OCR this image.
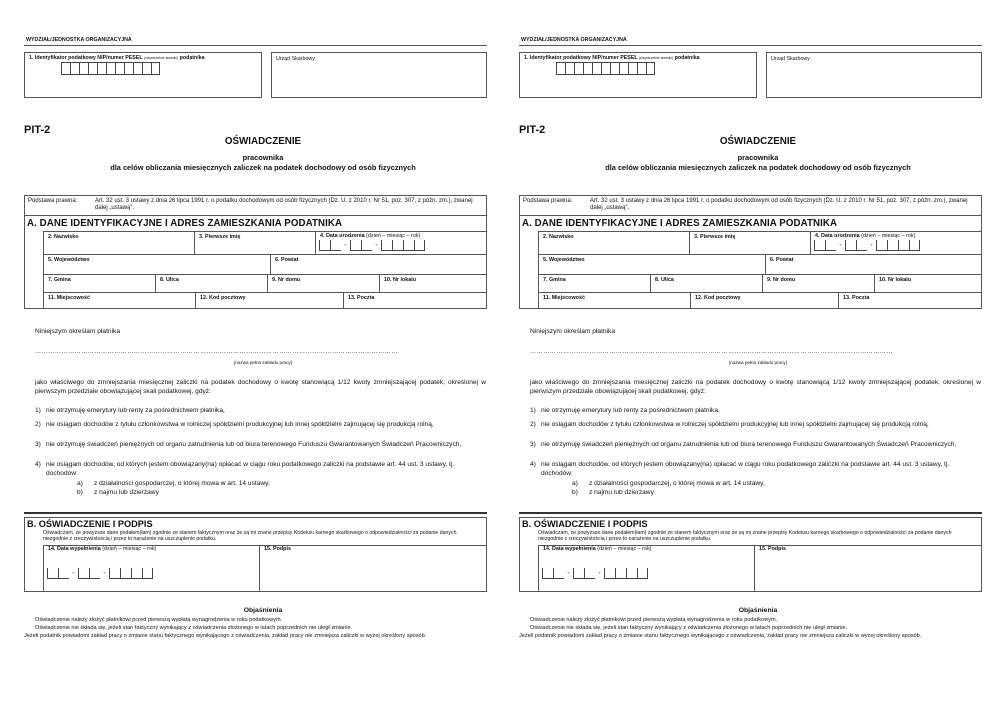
WYDZIAŁ/JEDNOSTKA ORGANIZACYJNA
1. Identyfikator podatkowy NIP/numer PESEL (niepotrzebne skreślić) podatnika	Urząd Skarbowy
PIT-2
OŚWIADCZENIE
pracownika
dla celów obliczania miesięcznych zaliczek na podatek dochodowy od osób fizycznych
Podstawa prawna:	Art. 32 ust. 3 ustawy z dnia 26 lipca 1991 r. o podatku dochodowym od osób fizycznych (Dz. U. z 2010 r. Nr 51, poz. 307, z późn. zm.), zwanej dalej „ustawą”.
A. DANE IDENTYFIKACYJNE I ADRES ZAMIESZKANIA PODATNIKA
2. Nazwisko	3. Pierwsze imię	4. Data urodzenia (dzień – miesiąc – rok)
-	-
5. Województwo	6. Powiat
7. Gmina	8. Ulica	9. Nr domu	10. Nr lokalu
11. Miejscowość	12. Kod pocztowy	13. Poczta
Niniejszym określam płatnika
…………………………………………………………………………………………………………………………………………………
(nazwa pełna zakładu pracy)
jako właściwego do zmniejszania miesięcznej zaliczki na podatek dochodowy o kwotę stanowiącą 1/12 kwoty zmniejszającej podatek, określonej w pierwszym przedziale obowiązującej skali podatkowej, gdyż:
1) nie otrzymuję emerytury lub renty za pośrednictwem płatnika,
2) nie osiągam dochodów z tytułu członkowstwa w rolniczej spółdzielni produkcyjnej lub innej spółdzielni zajmującej się produkcją rolną,
3) nie otrzymuję świadczeń pieniężnych od organu zatrudnienia lub od biura terenowego Funduszu Gwarantowanych Świadczeń Pracowniczych,
4) nie osiągam dochodów, od których jestem obowiązany(na) opłacać w ciągu roku podatkowego zaliczki na podstawie art. 44 ust. 3 ustawy, tj. dochodów:
a) z działalności gospodarczej, o której mowa w art. 14 ustawy,
b) z najmu lub dzierżawy
B. OŚWIADCZENIE I PODPIS
Oświadczam, że powyższe dane podałem(łam) zgodnie ze stanem faktycznym oraz że są mi znane przepisy Kodeksu karnego skarbowego o odpowiedzialności za podanie danych niezgodnie z rzeczywistością i przez to narażenie na uszczuplenie podatku.
14. Data wypełnienia (dzień – miesiąc – rok)
-	-
15. Podpis
Objaśnienia
Oświadczenie należy złożyć płatnikowi przed pierwszą wypłatą wynagrodzenia w roku podatkowym.
Oświadczenie nie składa się, jeżeli stan faktyczny wynikający z oświadczenia złożonego w latach poprzednich nie uległ zmianie.
Jeżeli podatnik powiadomi zakład pracy o zmianie stanu faktycznego wynikającego z oświadczenia, zakład pracy nie zmniejsza zaliczki w wyżej określony sposób.
WYDZIAŁ/JEDNOSTKA ORGANIZACYJNA
1. Identyfikator podatkowy NIP/numer PESEL (niepotrzebne skreślić) podatnika	Urząd Skarbowy
PIT-2
OŚWIADCZENIE
pracownika
dla celów obliczania miesięcznych zaliczek na podatek dochodowy od osób fizycznych
Podstawa prawna:	Art. 32 ust. 3 ustawy z dnia 26 lipca 1991 r. o podatku dochodowym od osób fizycznych (Dz. U. z 2010 r. Nr 51, poz. 307, z późn. zm.), zwanej dalej „ustawą”.
A. DANE IDENTYFIKACYJNE I ADRES ZAMIESZKANIA PODATNIKA
2. Nazwisko	3. Pierwsze imię	4. Data urodzenia (dzień – miesiąc – rok)
-	-
5. Województwo	6. Powiat
7. Gmina	8. Ulica	9. Nr domu	10. Nr lokalu
11. Miejscowość	12. Kod pocztowy	13. Poczta
Niniejszym określam płatnika
…………………………………………………………………………………………………………………………………………………
(nazwa pełna zakładu pracy)
jako właściwego do zmniejszania miesięcznej zaliczki na podatek dochodowy o kwotę stanowiącą 1/12 kwoty zmniejszającej podatek, określonej w pierwszym przedziale obowiązującej skali podatkowej, gdyż:
1) nie otrzymuję emerytury lub renty za pośrednictwem płatnika,
2) nie osiągam dochodów z tytułu członkowstwa w rolniczej spółdzielni produkcyjnej lub innej spółdzielni zajmującej się produkcją rolną,
3) nie otrzymuję świadczeń pieniężnych od organu zatrudnienia lub od biura terenowego Funduszu Gwarantowanych Świadczeń Pracowniczych,
4) nie osiągam dochodów, od których jestem obowiązany(na) opłacać w ciągu roku podatkowego zaliczki na podstawie art. 44 ust. 3 ustawy, tj. dochodów:
a) z działalności gospodarczej, o której mowa w art. 14 ustawy,
b) z najmu lub dzierżawy
B. OŚWIADCZENIE I PODPIS
Oświadczam, że powyższe dane podałem(łam) zgodnie ze stanem faktycznym oraz że są mi znane przepisy Kodeksu karnego skarbowego o odpowiedzialności za podanie danych niezgodnie z rzeczywistością i przez to narażenie na uszczuplenie podatku.
14. Data wypełnienia (dzień – miesiąc – rok)
-	-
15. Podpis
Objaśnienia
Oświadczenie należy złożyć płatnikowi przed pierwszą wypłatą wynagrodzenia w roku podatkowym.
Oświadczenie nie składa się, jeżeli stan faktyczny wynikający z oświadczenia złożonego w latach poprzednich nie uległ zmianie.
Jeżeli podatnik powiadomi zakład pracy o zmianie stanu faktycznego wynikającego z oświadczenia, zakład pracy nie zmniejsza zaliczki w wyżej określony sposób.
